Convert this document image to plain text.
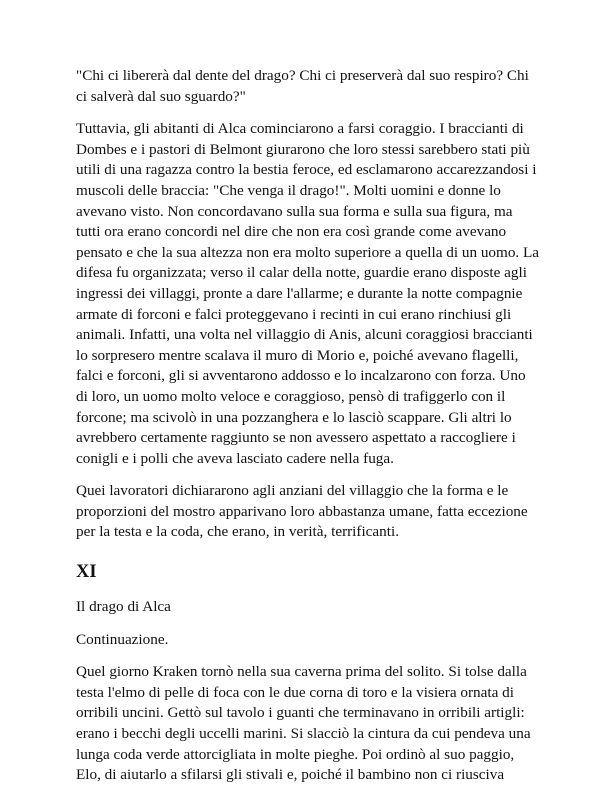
"Chi ci libererà dal dente del drago? Chi ci preserverà dal suo respiro? Chi
ci salverà dal suo sguardo?"

Tuttavia, gli abitanti di Alca cominciarono a farsi coraggio. I braccianti di
Dombes e i pastori di Belmont giurarono che loro stessi sarebbero stati più
utili di una ragazza contro la bestia feroce, ed esclamarono accarezzandosi i
muscoli delle braccia: "Che venga il drago!". Molti uomini e donne lo
avevano visto. Non concordavano sulla sua forma e sulla sua figura, ma
tutti ora erano concordi nel dire che non era così grande come avevano
pensato e che la sua altezza non era molto superiore a quella di un uomo. La
difesa fu organizzata; verso il calar della notte, guardie erano disposte agli
ingressi dei villaggi, pronte a dare l'allarme; e durante la notte compagnie
armate di forconi e falci proteggevano i recinti in cui erano rinchiusi gli
animali. Infatti, una volta nel villaggio di Anis, alcuni coraggiosi braccianti
lo sorpresero mentre scalava il muro di Morio e, poiché avevano flagelli,
falci e forconi, gli si avventarono addosso e lo incalzarono con forza. Uno
di loro, un uomo molto veloce e coraggioso, pensò di trafiggerlo con il
forcone; ma scivolò in una pozzanghera e lo lasciò scappare. Gli altri lo
avrebbero certamente raggiunto se non avessero aspettato a raccogliere i
conigli e i polli che aveva lasciato cadere nella fuga.

Quei lavoratori dichiararono agli anziani del villaggio che la forma e le
proporzioni del mostro apparivano loro abbastanza umane, fatta eccezione
per la testa e la coda, che erano, in verità, terrificanti.

XI

Il drago di Alca

Continuazione.

Quel giorno Kraken tornò nella sua caverna prima del solito. Si tolse dalla
testa l'elmo di pelle di foca con le due corna di toro e la visiera ornata di
orribili uncini. Gettò sul tavolo i guanti che terminavano in orribili artigli:
erano i becchi degli uccelli marini. Si slacciò la cintura da cui pendeva una
lunga coda verde attorcigliata in molte pieghe. Poi ordinò al suo paggio,
Elo, di aiutarlo a sfilarsi gli stivali e, poiché il bambino non ci riusciva
